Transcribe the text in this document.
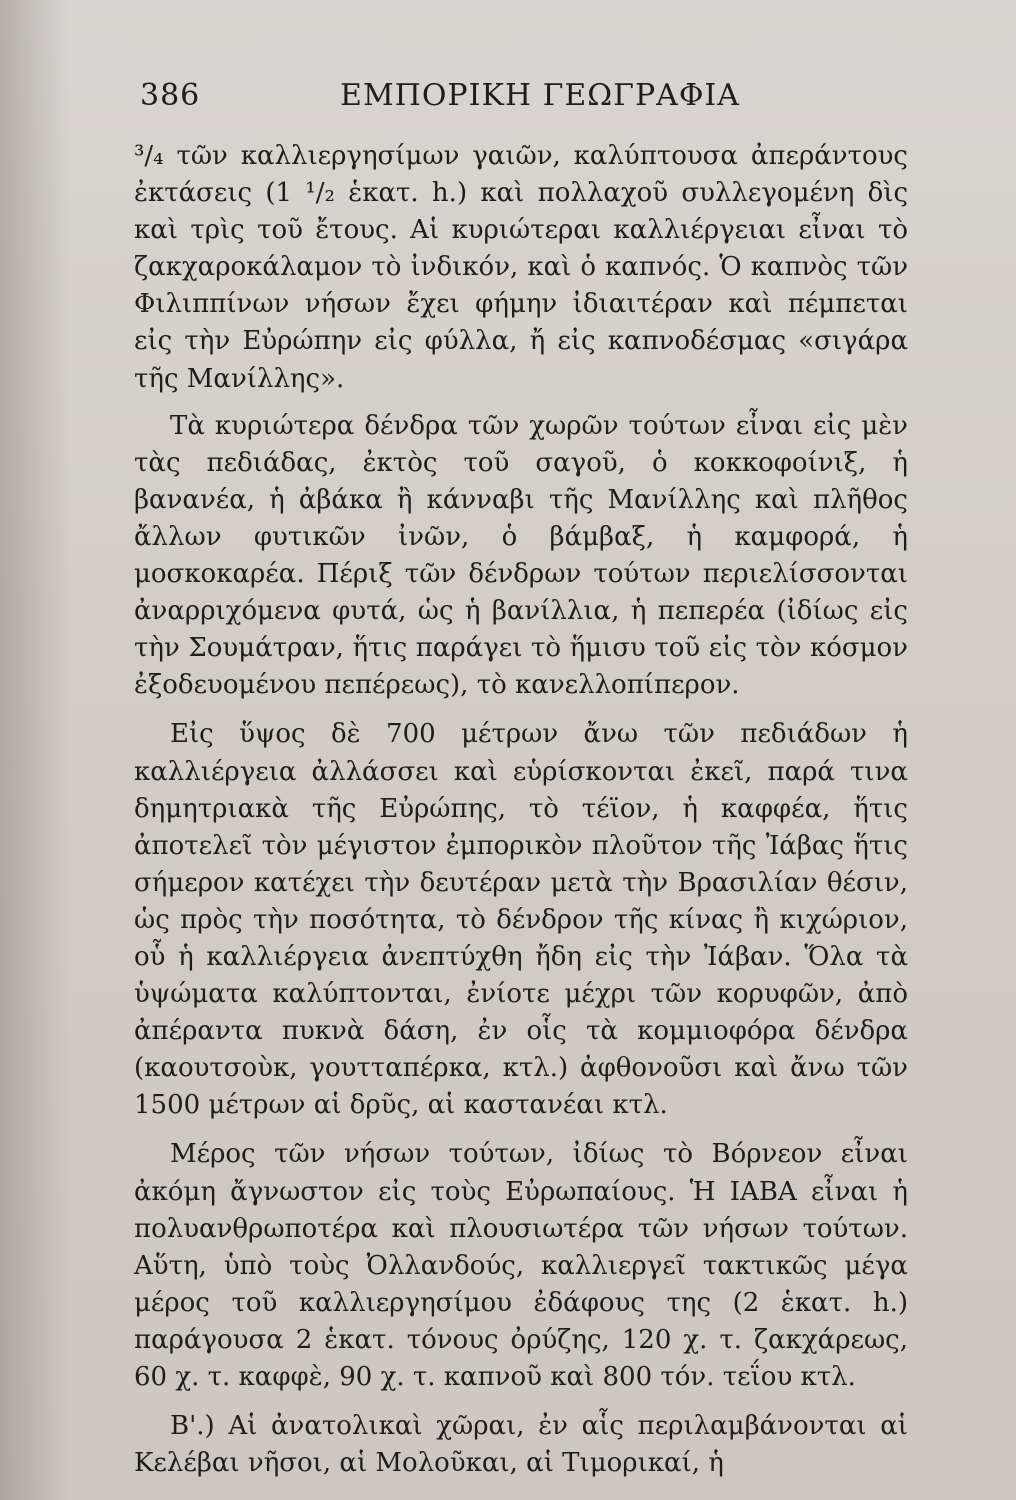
386	ΕΜΠΟΡΙΚΗ ΓΕΩΓΡΑΦΙΑ

³/₄ τῶν καλλιεργησίμων γαιῶν, καλύπτουσα ἀπεράντους ἐκτάσεις (1 ¹/₂ ἑκατ. h.) καὶ πολλαχοῦ συλλεγομένη δὶς καὶ τρὶς τοῦ ἔτους. Αἱ κυριώτεραι καλλιέργειαι εἶναι τὸ ζακχαροκάλαμον τὸ ἰνδικόν, καὶ ὁ καπνός. Ὁ καπνὸς τῶν Φιλιππίνων νήσων ἔχει φήμην ἰδιαιτέραν καὶ πέμπεται εἰς τὴν Εὐρώπην εἰς φύλλα, ἤ εἰς καπνοδέσμας «σιγάρα τῆς Μανίλλης».

Τὰ κυριώτερα δένδρα τῶν χωρῶν τούτων εἶναι εἰς μὲν τὰς πεδιάδας, ἐκτὸς τοῦ σαγοῦ, ὁ κοκκοφοίνιξ, ἡ βανανέα, ἡ ἀβάκα ἢ κάνναβι τῆς Μανίλλης καὶ πλῆθος ἄλλων φυτικῶν ἰνῶν, ὁ βάμβαξ, ἡ καμφορά, ἡ μοσκοκαρέα. Πέριξ τῶν δένδρων τούτων περιελίσσονται ἀναρριχόμενα φυτά, ὡς ἡ βανίλλια, ἡ πεπερέα (ἰδίως εἰς τὴν Σουμάτραν, ἥτις παράγει τὸ ἥμισυ τοῦ εἰς τὸν κόσμον ἐξοδευομένου πεπέρεως), τὸ κανελλοπίπερον.

Εἰς ὕψος δὲ 700 μέτρων ἄνω τῶν πεδιάδων ἡ καλλιέργεια ἀλλάσσει καὶ εὑρίσκονται ἐκεῖ, παρά τινα δημητριακὰ τῆς Εὐρώπης, τὸ τέϊον, ἡ καφφέα, ἥτις ἀποτελεῖ τὸν μέγιστον ἐμπορικὸν πλοῦτον τῆς Ἰάβας ἥτις σήμερον κατέχει τὴν δευτέραν μετὰ τὴν Βρασιλίαν θέσιν, ὡς πρὸς τὴν ποσότητα, τὸ δένδρον τῆς κίνας ἢ κιχώριον, οὗ ἡ καλλιέργεια ἀνεπτύχθη ἤδη εἰς τὴν Ἰάβαν. Ὅλα τὰ ὑψώματα καλύπτονται, ἐνίοτε μέχρι τῶν κορυφῶν, ἀπὸ ἀπέραντα πυκνὰ δάση, ἐν οἷς τὰ κομμιοφόρα δένδρα (καουτσοὺκ, γουτταπέρκα, κτλ.) ἀφθονοῦσι καὶ ἄνω τῶν 1500 μέτρων αἱ δρῦς, αἱ καστανέαι κτλ.

Μέρος τῶν νήσων τούτων, ἰδίως τὸ Βόρνεον εἶναι ἀκόμη ἄγνωστον εἰς τοὺς Εὐρωπαίους. Ἡ ΙΑΒΑ εἶναι ἡ πολυανθρωποτέρα καὶ πλουσιωτέρα τῶν νήσων τούτων. Αὕτη, ὑπὸ τοὺς Ὀλλανδούς, καλλιεργεῖ τακτικῶς μέγα μέρος τοῦ καλλιεργησίμου ἐδάφους της (2 ἑκατ. h.) παράγουσα 2 ἑκατ. τόνους ὀρύζης, 120 χ. τ. ζακχάρεως, 60 χ. τ. καφφὲ, 90 χ. τ. καπνοῦ καὶ 800 τόν. τεΐου κτλ.

Β'.) Αἱ ἀνατολικαὶ χῶραι, ἐν αἷς περιλαμβάνονται αἱ Κελέβαι νῆσοι, αἱ Μολοῦκαι, αἱ Τιμορικαί, ἡ
